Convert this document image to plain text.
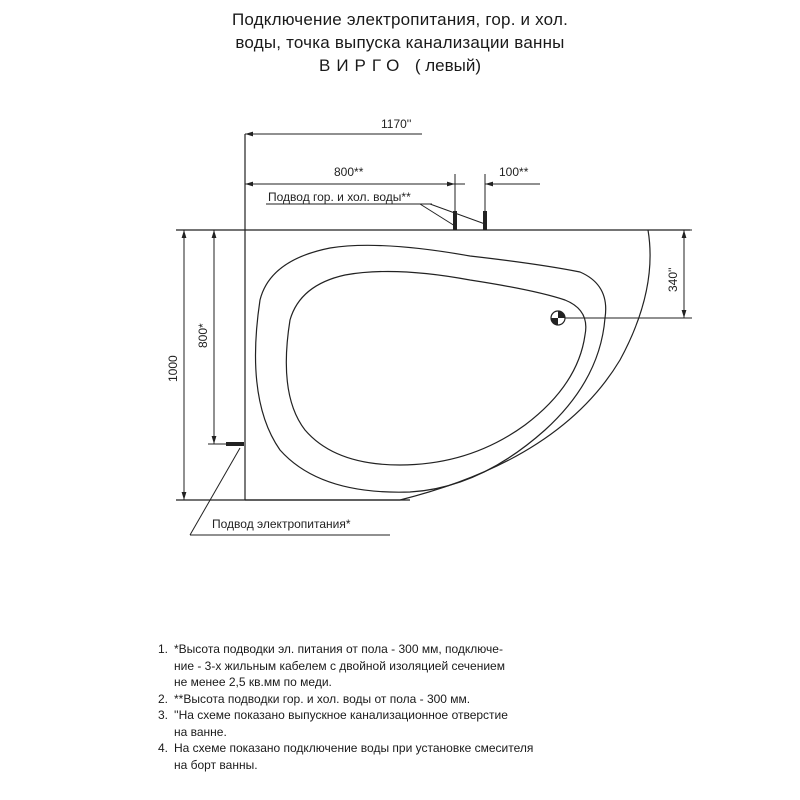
Подключение электропитания, гор. и хол.
воды, точка выпуска канализации ванны
ВИРГО ( левый)
1170''
800**	100**
1000
800*
340''
Подвод гор. и хол. воды**
Подвод электропитания*
1. *Высота подводки эл. питания от пола - 300 мм, подключе-
ние - 3-х жильным кабелем с двойной изоляцией сечением
не менее 2,5 кв.мм по меди.
2. **Высота подводки гор. и хол. воды от пола - 300 мм.
3. ''На схеме показано выпускное канализационное отверстие
на ванне.
4. На схеме показано подключение воды при установке смесителя
на борт ванны.
